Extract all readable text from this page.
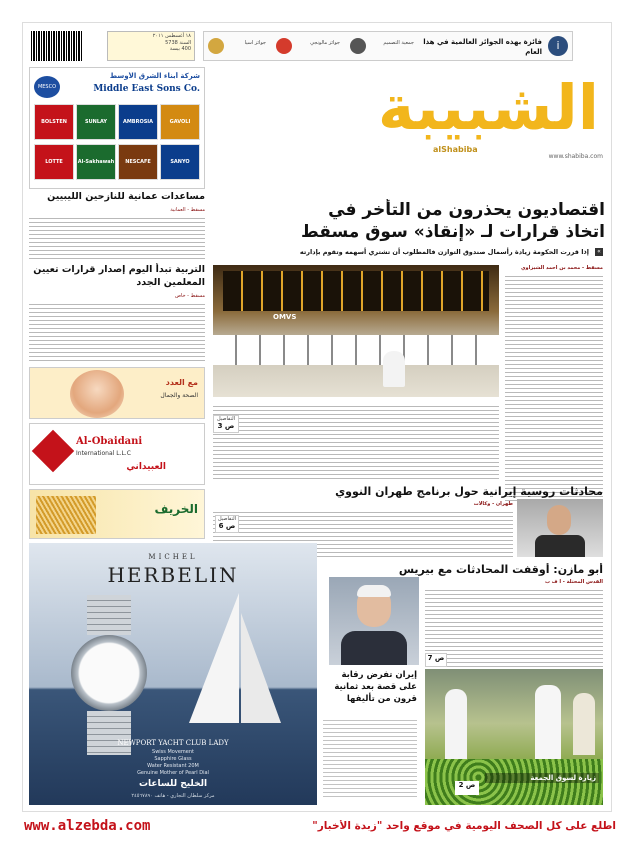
١٨ أغسطس ٢٠١١
السنة 5738
400 بيسة
جوائز أسيا	جوائز مالونجي	جمعية التصميم فائزة بهذه الجوائز العالمية في هذا العام	i
MESCO
شركة أبناء الشرق الأوسط
Middle East Sons Co.
BOLSTEN	SUNLAY	AMBROSIA	GAVOLI
LOTTE	Al-Sakhawah	NESCAFE	SANYO
الشبيبة
alShabiba
www.shabiba.com
اقتصاديون يحذرون من التأخر في
اتخاذ قرارات لـ «إنقاذ» سوق مسقط
إذا قررت الحكومة زيادة رأسمال صندوق التوازن فالمطلوب أن تشتري أسهمه وتقوم بإدارته	«
مساعدات عمانية للنازحين الليبيين
مسقط - العمانية
التربية تبدأ اليوم إصدار قرارات تعيين المعلمين الجدد
مسقط - خاص
مع العدد
الصحة والجمال
Al-Obaidani
International L.L.C
العبيداني
الخريف
OMVS
مسقط - محمد بن أحمد الشيزاوي
التفاصيل
ص 3
محادثات روسية إيرانية حول برنامج طهران النووي
طهران - وكالات
التفاصيل
ص 6
أبو مازن: أوقفت المحادثات مع بيريس
القدس المحتلة - أ ف ب
ص 7
إيران تفرض رقابة على قصة بعد ثمانية قرون من تأليفها
زيارة لسوق الجمعة
ص 2
MICHEL
HERBELIN
NEWPORT YACHT CLUB LADY
Swiss Movement
Sapphire Glass
Water Resistant 20M
Genuine Mother of Pearl Dial
الخليج للساعات
مركز سلطان التجاري - هاتف ٢٤٥٦٧٨٩٠
www.alzebda.com	اطلع على كل الصحف اليومية في موقع واحد "زبدة الأخبار"
